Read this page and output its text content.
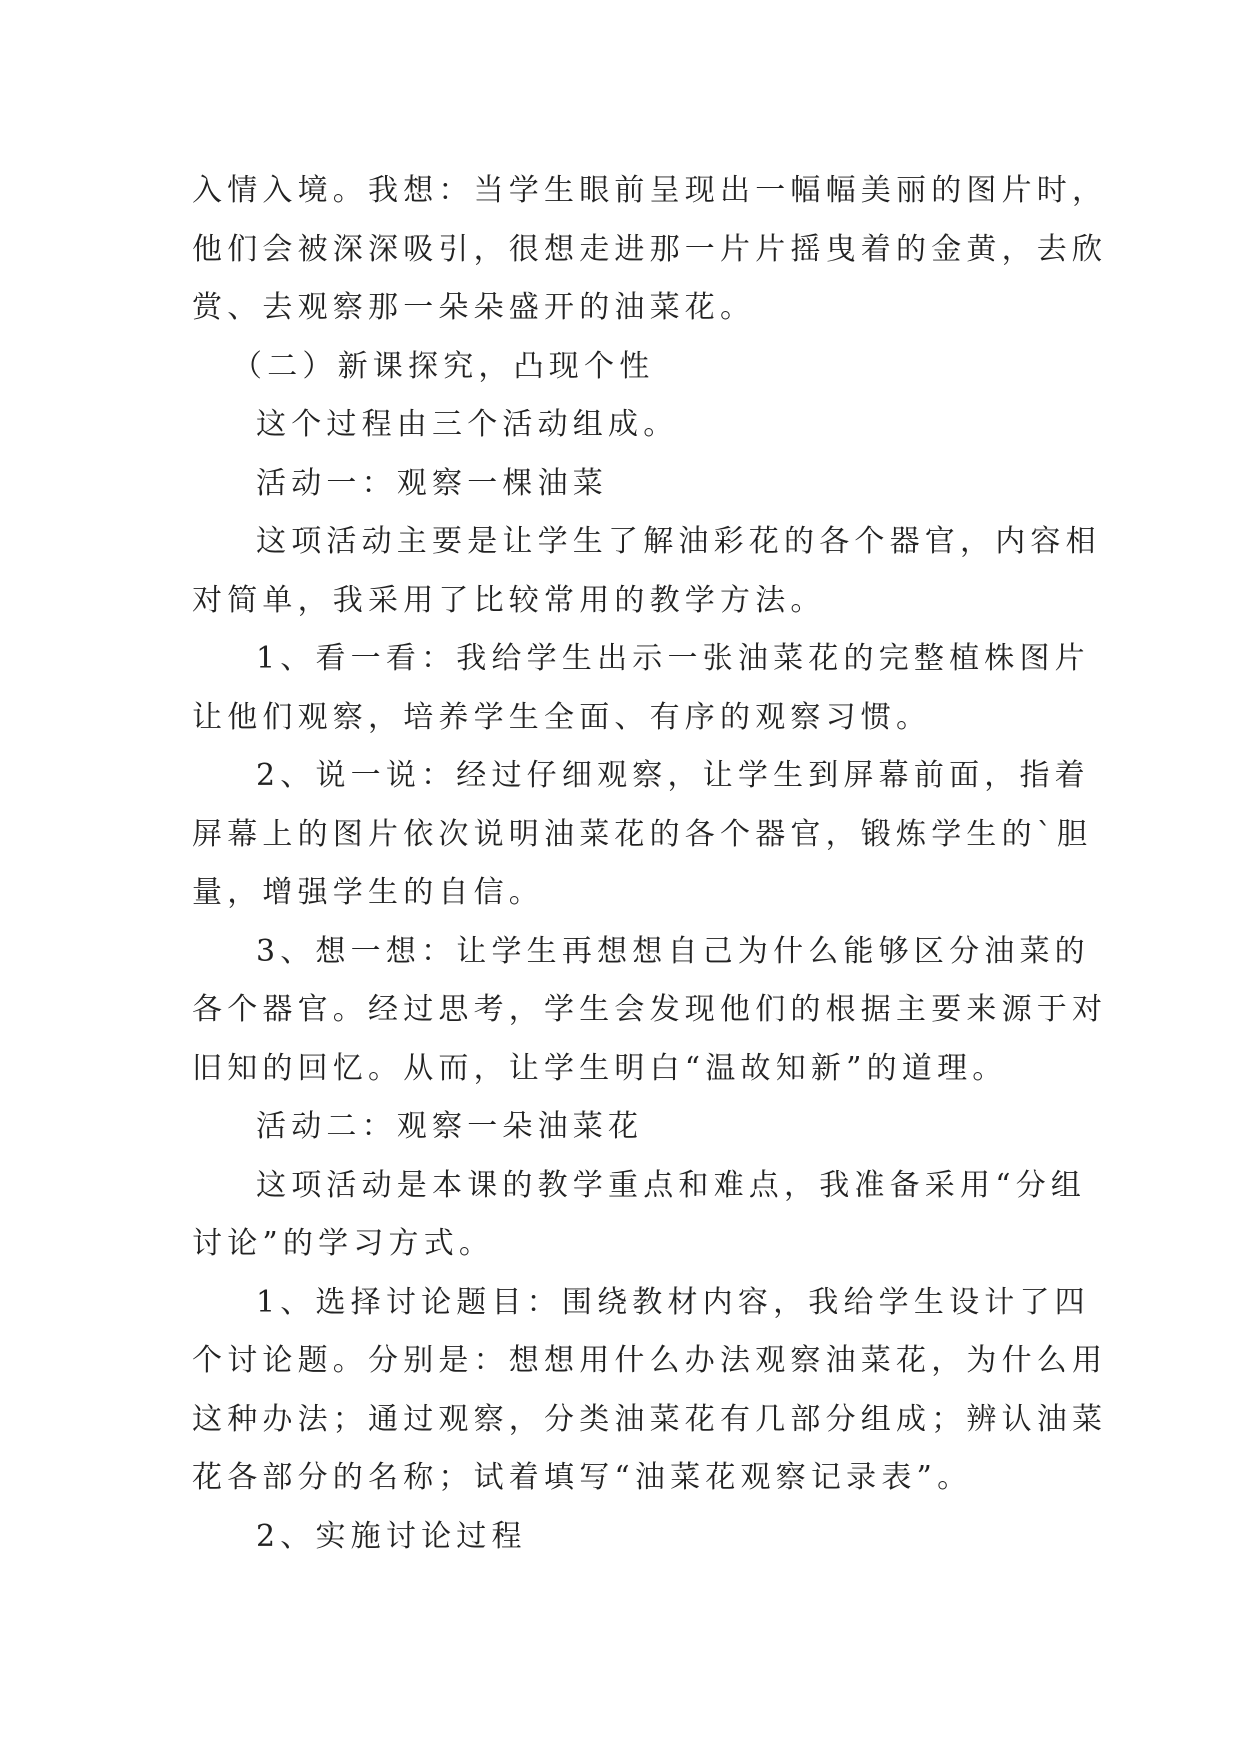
入情入境。我想：当学生眼前呈现出一幅幅美丽的图片时，
他们会被深深吸引，很想走进那一片片摇曳着的金黄，去欣
赏、去观察那一朵朵盛开的油菜花。
（二）新课探究，凸现个性
这个过程由三个活动组成。
活动一：观察一棵油菜
这项活动主要是让学生了解油彩花的各个器官，内容相
对简单，我采用了比较常用的教学方法。
1、看一看：我给学生出示一张油菜花的完整植株图片
让他们观察，培养学生全面、有序的观察习惯。
2、说一说：经过仔细观察，让学生到屏幕前面，指着
屏幕上的图片依次说明油菜花的各个器官，锻炼学生的`胆
量，增强学生的自信。
3、想一想：让学生再想想自己为什么能够区分油菜的
各个器官。经过思考，学生会发现他们的根据主要来源于对
旧知的回忆。从而，让学生明白“温故知新”的道理。
活动二：观察一朵油菜花
这项活动是本课的教学重点和难点，我准备采用“分组
讨论”的学习方式。
1、选择讨论题目：围绕教材内容，我给学生设计了四
个讨论题。分别是：想想用什么办法观察油菜花，为什么用
这种办法；通过观察，分类油菜花有几部分组成；辨认油菜
花各部分的名称；试着填写“油菜花观察记录表”。
2、实施讨论过程
